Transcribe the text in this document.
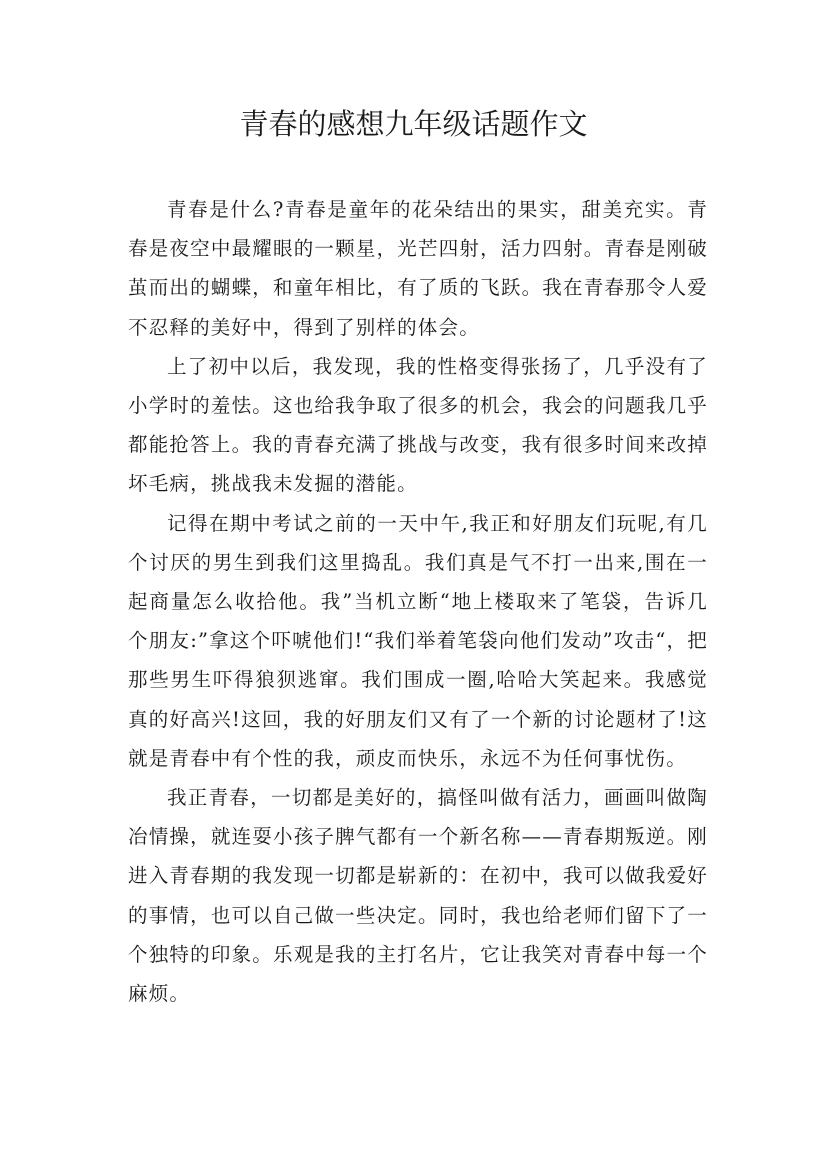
青春的感想九年级话题作文

青春是什么?青春是童年的花朵结出的果实，甜美充实。青春是夜空中最耀眼的一颗星，光芒四射，活力四射。青春是刚破茧而出的蝴蝶，和童年相比，有了质的飞跃。我在青春那令人爱不忍释的美好中，得到了别样的体会。

上了初中以后，我发现，我的性格变得张扬了，几乎没有了小学时的羞怯。这也给我争取了很多的机会，我会的问题我几乎都能抢答上。我的青春充满了挑战与改变，我有很多时间来改掉坏毛病，挑战我未发掘的潜能。

记得在期中考试之前的一天中午,我正和好朋友们玩呢,有几个讨厌的男生到我们这里捣乱。我们真是气不打一出来,围在一起商量怎么收拾他。我”当机立断“地上楼取来了笔袋，告诉几个朋友:”拿这个吓唬他们!“我们举着笔袋向他们发动”攻击“，把那些男生吓得狼狈逃窜。我们围成一圈,哈哈大笑起来。我感觉真的好高兴!这回，我的好朋友们又有了一个新的讨论题材了!这就是青春中有个性的我，顽皮而快乐，永远不为任何事忧伤。

我正青春，一切都是美好的，搞怪叫做有活力，画画叫做陶冶情操，就连耍小孩子脾气都有一个新名称——青春期叛逆。刚进入青春期的我发现一切都是崭新的：在初中，我可以做我爱好的事情，也可以自己做一些决定。同时，我也给老师们留下了一个独特的印象。乐观是我的主打名片，它让我笑对青春中每一个麻烦。
